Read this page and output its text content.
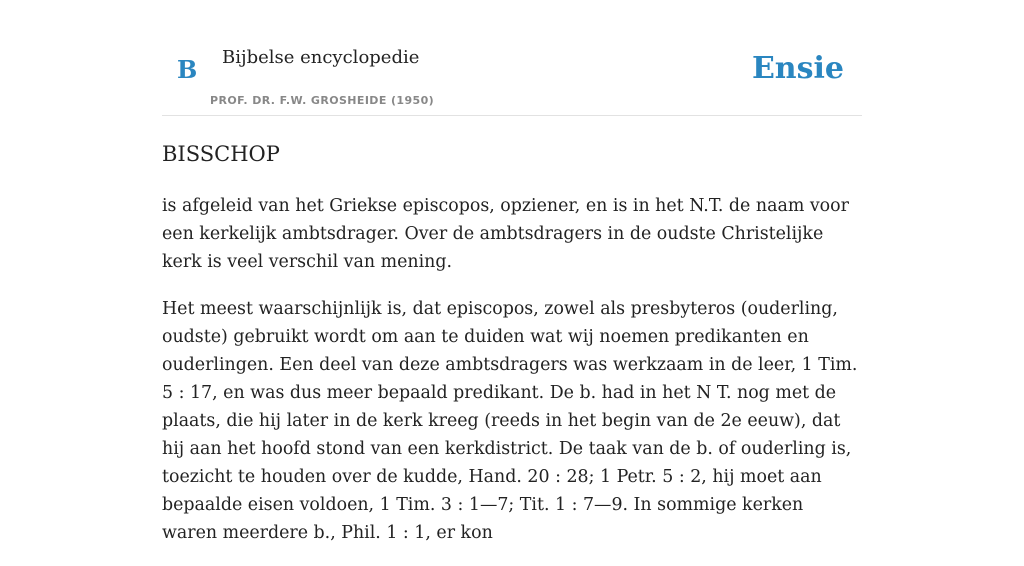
B Bijbelse encyclopedie
PROF. DR. F.W. GROSHEIDE (1950)
Ensie
BISSCHOP

is afgeleid van het Griekse episcopos, opziener, en is in het N.T. de naam voor een kerkelijk ambtsdrager. Over de ambtsdragers in de oudste Christelijke kerk is veel verschil van mening.

Het meest waarschijnlijk is, dat episcopos, zowel als presbyteros (ouderling, oudste) gebruikt wordt om aan te duiden wat wij noemen predikanten en ouderlingen. Een deel van deze ambtsdragers was werkzaam in de leer, 1 Tim. 5 : 17, en was dus meer bepaald predikant. De b. had in het N T. nog met de plaats, die hij later in de kerk kreeg (reeds in het begin van de 2e eeuw), dat hij aan het hoofd stond van een kerkdistrict. De taak van de b. of ouderling is, toezicht te houden over de kudde, Hand. 20 : 28; 1 Petr. 5 : 2, hij moet aan bepaalde eisen voldoen, 1 Tim. 3 : 1—7; Tit. 1 : 7—9. In sommige kerken waren meerdere b., Phil. 1 : 1, er kon
